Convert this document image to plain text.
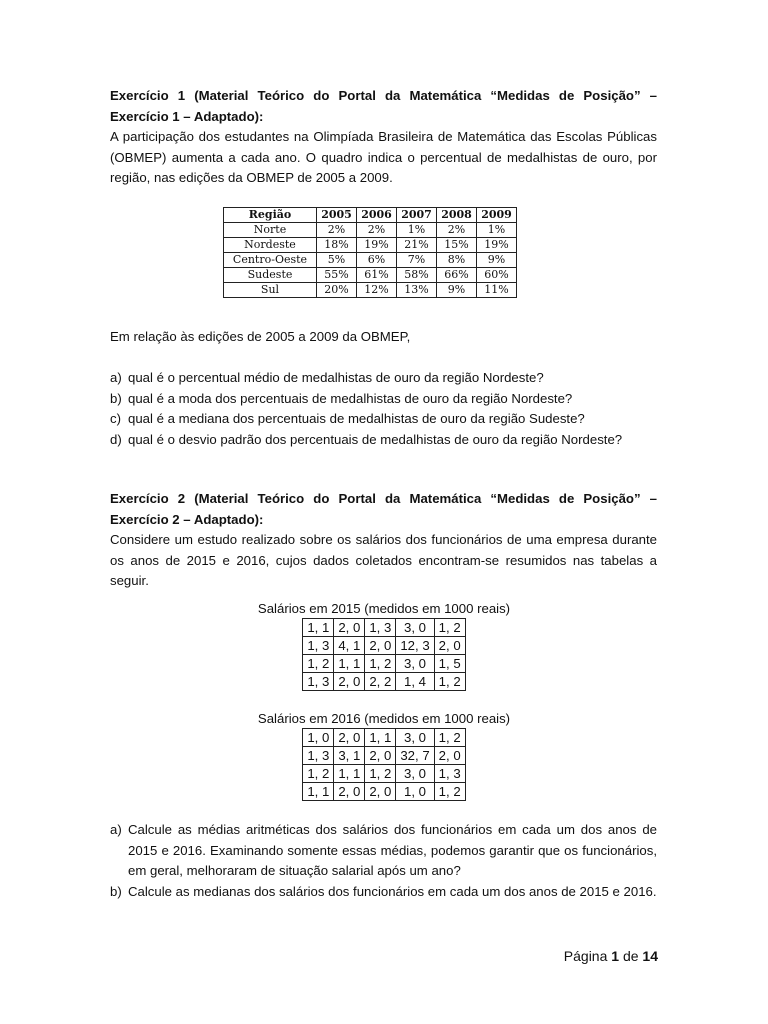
Exercício 1 (Material Teórico do Portal da Matemática “Medidas de Posição” – Exercício 1 – Adaptado):

A participação dos estudantes na Olimpíada Brasileira de Matemática das Escolas Públicas (OBMEP) aumenta a cada ano. O quadro indica o percentual de medalhistas de ouro, por região, nas edições da OBMEP de 2005 a 2009.

Região	2005	2006	2007	2008	2009
Norte	2%	2%	1%	2%	1%
Nordeste	18%	19%	21%	15%	19%
Centro-Oeste	5%	6%	7%	8%	9%
Sudeste	55%	61%	58%	66%	60%
Sul	20%	12%	13%	9%	11%

Em relação às edições de 2005 a 2009 da OBMEP,

a) qual é o percentual médio de medalhistas de ouro da região Nordeste?
b) qual é a moda dos percentuais de medalhistas de ouro da região Nordeste?
c) qual é a mediana dos percentuais de medalhistas de ouro da região Sudeste?
d) qual é o desvio padrão dos percentuais de medalhistas de ouro da região Nordeste?

Exercício 2 (Material Teórico do Portal da Matemática “Medidas de Posição” – Exercício 2 – Adaptado):

Considere um estudo realizado sobre os salários dos funcionários de uma empresa durante os anos de 2015 e 2016, cujos dados coletados encontram-se resumidos nas tabelas a seguir.

Salários em 2015 (medidos em 1000 reais)
1, 1	2, 0	1, 3	3, 0	1, 2
1, 3	4, 1	2, 0	12, 3	2, 0
1, 2	1, 1	1, 2	3, 0	1, 5
1, 3	2, 0	2, 2	1, 4	1, 2
Salários em 2016 (medidos em 1000 reais)
1, 0	2, 0	1, 1	3, 0	1, 2
1, 3	3, 1	2, 0	32, 7	2, 0
1, 2	1, 1	1, 2	3, 0	1, 3
1, 1	2, 0	2, 0	1, 0	1, 2
a) Calcule as médias aritméticas dos salários dos funcionários em cada um dos anos de 2015 e 2016. Examinando somente essas médias, podemos garantir que os funcionários, em geral, melhoraram de situação salarial após um ano?
b) Calcule as medianas dos salários dos funcionários em cada um dos anos de 2015 e 2016.
Página 1 de 14
